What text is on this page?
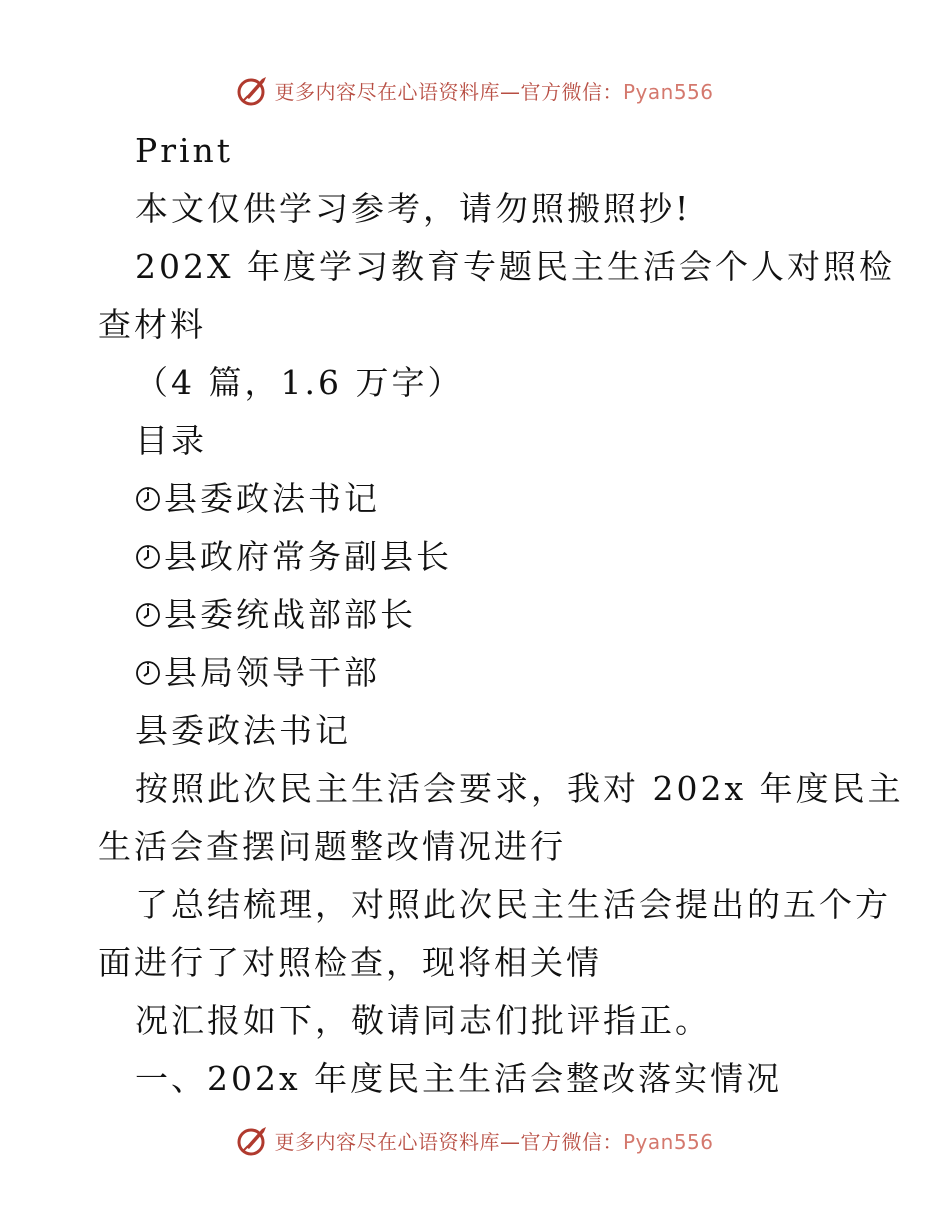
更多内容尽在心语资料库—官方微信：Pyan556
Print
本文仅供学习参考，请勿照搬照抄!
202X 年度学习教育专题民主生活会个人对照检
查材料
（4 篇，1.6 万字）
目录
县委政法书记
县政府常务副县长
县委统战部部长
县局领导干部
县委政法书记
按照此次民主生活会要求，我对 202x 年度民主
生活会查摆问题整改情况进行
了总结梳理，对照此次民主生活会提出的五个方
面进行了对照检查，现将相关情
况汇报如下，敬请同志们批评指正。
一、202x 年度民主生活会整改落实情况
更多内容尽在心语资料库—官方微信：Pyan556
